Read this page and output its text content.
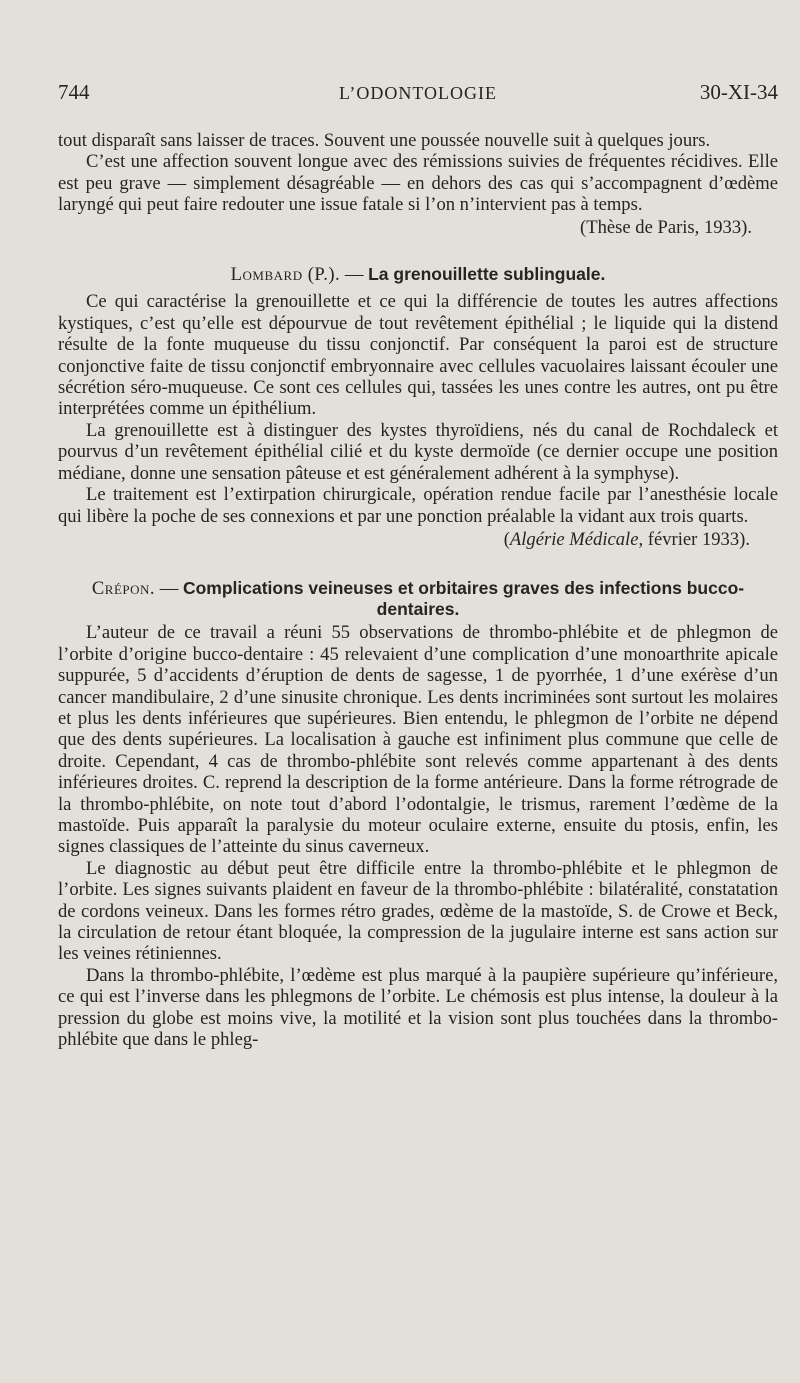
744	L’ODONTOLOGIE	30-XI-34

tout disparaît sans laisser de traces. Souvent une poussée nouvelle suit à quelques jours.

C’est une affection souvent longue avec des rémissions suivies de fréquentes récidives. Elle est peu grave — simplement désagréable — en dehors des cas qui s’accompagnent d’œdème laryngé qui peut faire redouter une issue fatale si l’on n’intervient pas à temps.

(Thèse de Paris, 1933).
Lombard (P.). — La grenouillette sublinguale.

Ce qui caractérise la grenouillette et ce qui la différencie de toutes les autres affections kystiques, c’est qu’elle est dépourvue de tout revêtement épithélial ; le liquide qui la distend résulte de la fonte muqueuse du tissu conjonctif. Par conséquent la paroi est de structure conjonctive faite de tissu conjonctif embryonnaire avec cellules vacuolaires laissant écouler une sécrétion séro-muqueuse. Ce sont ces cellules qui, tassées les unes contre les autres, ont pu être interprétées comme un épithélium.

La grenouillette est à distinguer des kystes thyroïdiens, nés du canal de Rochdaleck et pourvus d’un revêtement épithélial cilié et du kyste dermoïde (ce dernier occupe une position médiane, donne une sensation pâteuse et est généralement adhérent à la symphyse).

Le traitement est l’extirpation chirurgicale, opération rendue facile par l’anesthésie locale qui libère la poche de ses connexions et par une ponction préalable la vidant aux trois quarts.

(Algérie Médicale, février 1933).
Crépon. — Complications veineuses et orbitaires graves des infections bucco-dentaires.

L’auteur de ce travail a réuni 55 observations de thrombo-phlébite et de phlegmon de l’orbite d’origine bucco-dentaire : 45 relevaient d’une complication d’une monoarthrite apicale suppurée, 5 d’accidents d’éruption de dents de sagesse, 1 de pyorrhée, 1 d’une exérèse d’un cancer mandibulaire, 2 d’une sinusite chronique. Les dents incriminées sont surtout les molaires et plus les dents inférieures que supérieures. Bien entendu, le phlegmon de l’orbite ne dépend que des dents supérieures. La localisation à gauche est infiniment plus commune que celle de droite. Cependant, 4 cas de thrombo-phlébite sont relevés comme appartenant à des dents inférieures droites. C. reprend la description de la forme antérieure. Dans la forme rétrograde de la thrombo-phlébite, on note tout d’abord l’odontalgie, le trismus, rarement l’œdème de la mastoïde. Puis apparaît la paralysie du moteur oculaire externe, ensuite du ptosis, enfin, les signes classiques de l’atteinte du sinus caverneux.

Le diagnostic au début peut être difficile entre la thrombo-phlébite et le phlegmon de l’orbite. Les signes suivants plaident en faveur de la thrombo-phlébite : bilatéralité, constatation de cordons veineux. Dans les formes rétro grades, œdème de la mastoïde, S. de Crowe et Beck, la circulation de retour étant bloquée, la compression de la jugulaire interne est sans action sur les veines rétiniennes.

Dans la thrombo-phlébite, l’œdème est plus marqué à la paupière supérieure qu’inférieure, ce qui est l’inverse dans les phlegmons de l’orbite. Le chémosis est plus intense, la douleur à la pression du globe est moins vive, la motilité et la vision sont plus touchées dans la thrombo-phlébite que dans le phleg-
